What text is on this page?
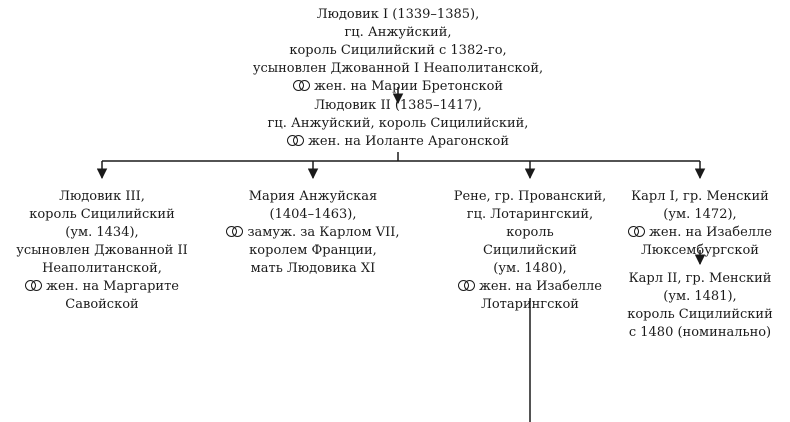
Людовик I (1339–1385),
гц. Анжуйский,
король Сицилийский с 1382-го,
усыновлен Джованной I Неаполитанской,
жен. на Марии Бретонской
Людовик II (1385–1417),
гц. Анжуйский, король Сицилийский,
жен. на Иоланте Арагонской
Людовик III,
король Сицилийский
(ум. 1434),
усыновлен Джованной II
Неаполитанской,
жен. на Маргарите
Савойской
Мария Анжуйская
(1404–1463),
замуж. за Карлом VII,
королем Франции,
мать Людовика XI
Рене, гр. Прованский,
гц. Лотарингский,
король
Сицилийский
(ум. 1480),
жен. на Изабелле
Лотарингской
Карл I, гр. Менский
(ум. 1472),
жен. на Изабелле
Люксембургской
Карл II, гр. Менский
(ум. 1481),
король Сицилийский
с 1480 (номинально)
